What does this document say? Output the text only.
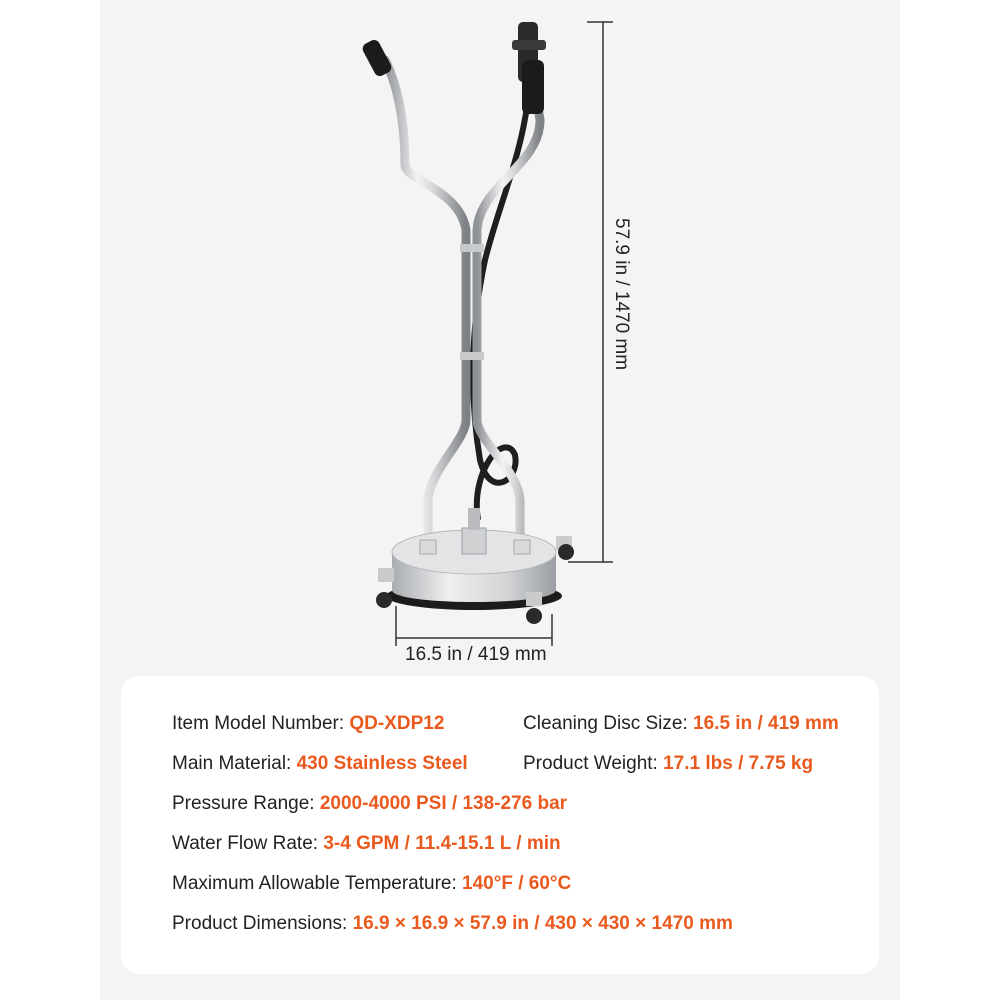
16.5 in / 419 mm
57.9 in / 1470 mm
Item Model Number: QD-XDP12	Cleaning Disc Size: 16.5 in / 419 mm
Main Material: 430 Stainless Steel	Product Weight: 17.1 lbs / 7.75 kg
Pressure Range: 2000-4000 PSI / 138-276 bar
Water Flow Rate: 3-4 GPM / 11.4-15.1 L / min
Maximum Allowable Temperature: 140°F / 60°C
Product Dimensions: 16.9 × 16.9 × 57.9 in / 430 × 430 × 1470 mm
